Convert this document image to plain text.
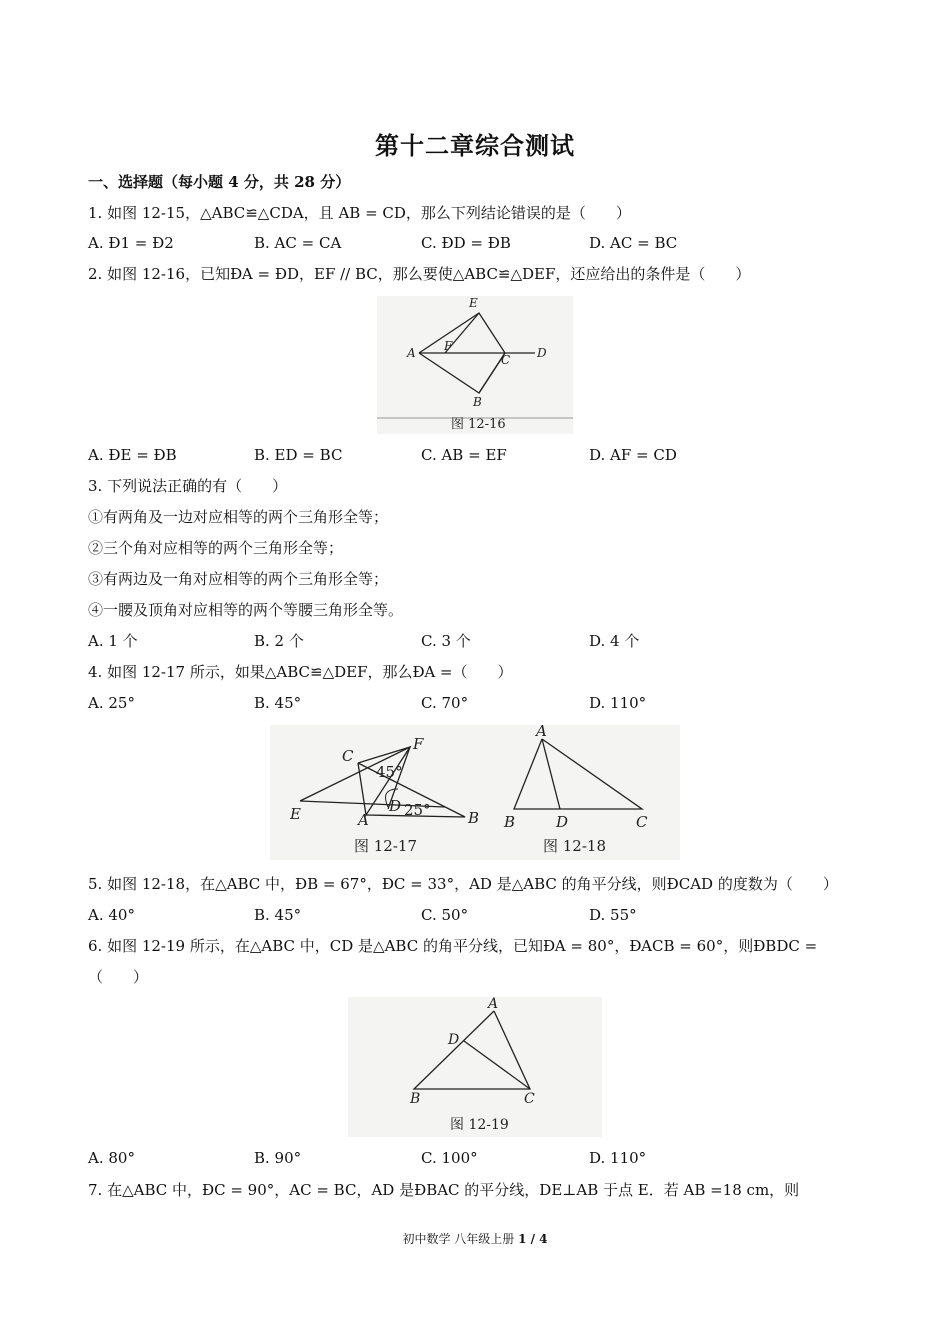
第十二章综合测试
一、选择题（每小题 4 分，共 28 分）
1. 如图 12-15，△ABC≌△CDA，且 AB = CD，那么下列结论错误的是（　　）
A. Ð1 = Ð2	B. AC = CA	C. ÐD = ÐB	D. AC = BC
2. 如图 12-16，已知ÐA = ÐD，EF // BC，那么要使△ABC≌△DEF，还应给出的条件是（　　）
E
A F
C D
B
图 12-16
A. ÐE = ÐB	B. ED = BC	C. AB = EF	D. AF = CD
3. 下列说法正确的有（　　）
①有两角及一边对应相等的两个三角形全等；
②三个角对应相等的两个三角形全等；
③有两边及一角对应相等的两个三角形全等；
④一腰及顶角对应相等的两个等腰三角形全等。
A. 1 个	B. 2 个	C. 3 个	D. 4 个
4. 如图 12-17 所示，如果△ABC≌△DEF，那么ÐA =（　　）
A. 25°	B. 45°	C. 70°	D. 110°
C
F
45°
E	D 25°
A	B
图 12-17
A
B	D	C
图 12-18
5. 如图 12-18，在△ABC 中，ÐB = 67°，ÐC = 33°，AD 是△ABC 的角平分线，则ÐCAD 的度数为（　　）
A. 40°	B. 45°	C. 50°	D. 55°
6. 如图 12-19 所示，在△ABC 中，CD 是△ABC 的角平分线，已知ÐA = 80°，ÐACB = 60°，则ÐBDC =
（　　）
A
D
B	C
图 12-19
A. 80°	B. 90°	C. 100°	D. 110°
7. 在△ABC 中，ÐC = 90°，AC = BC，AD 是ÐBAC 的平分线，DE⊥AB 于点 E．若 AB =18 cm，则
初中数学 八年级上册 1 / 4
